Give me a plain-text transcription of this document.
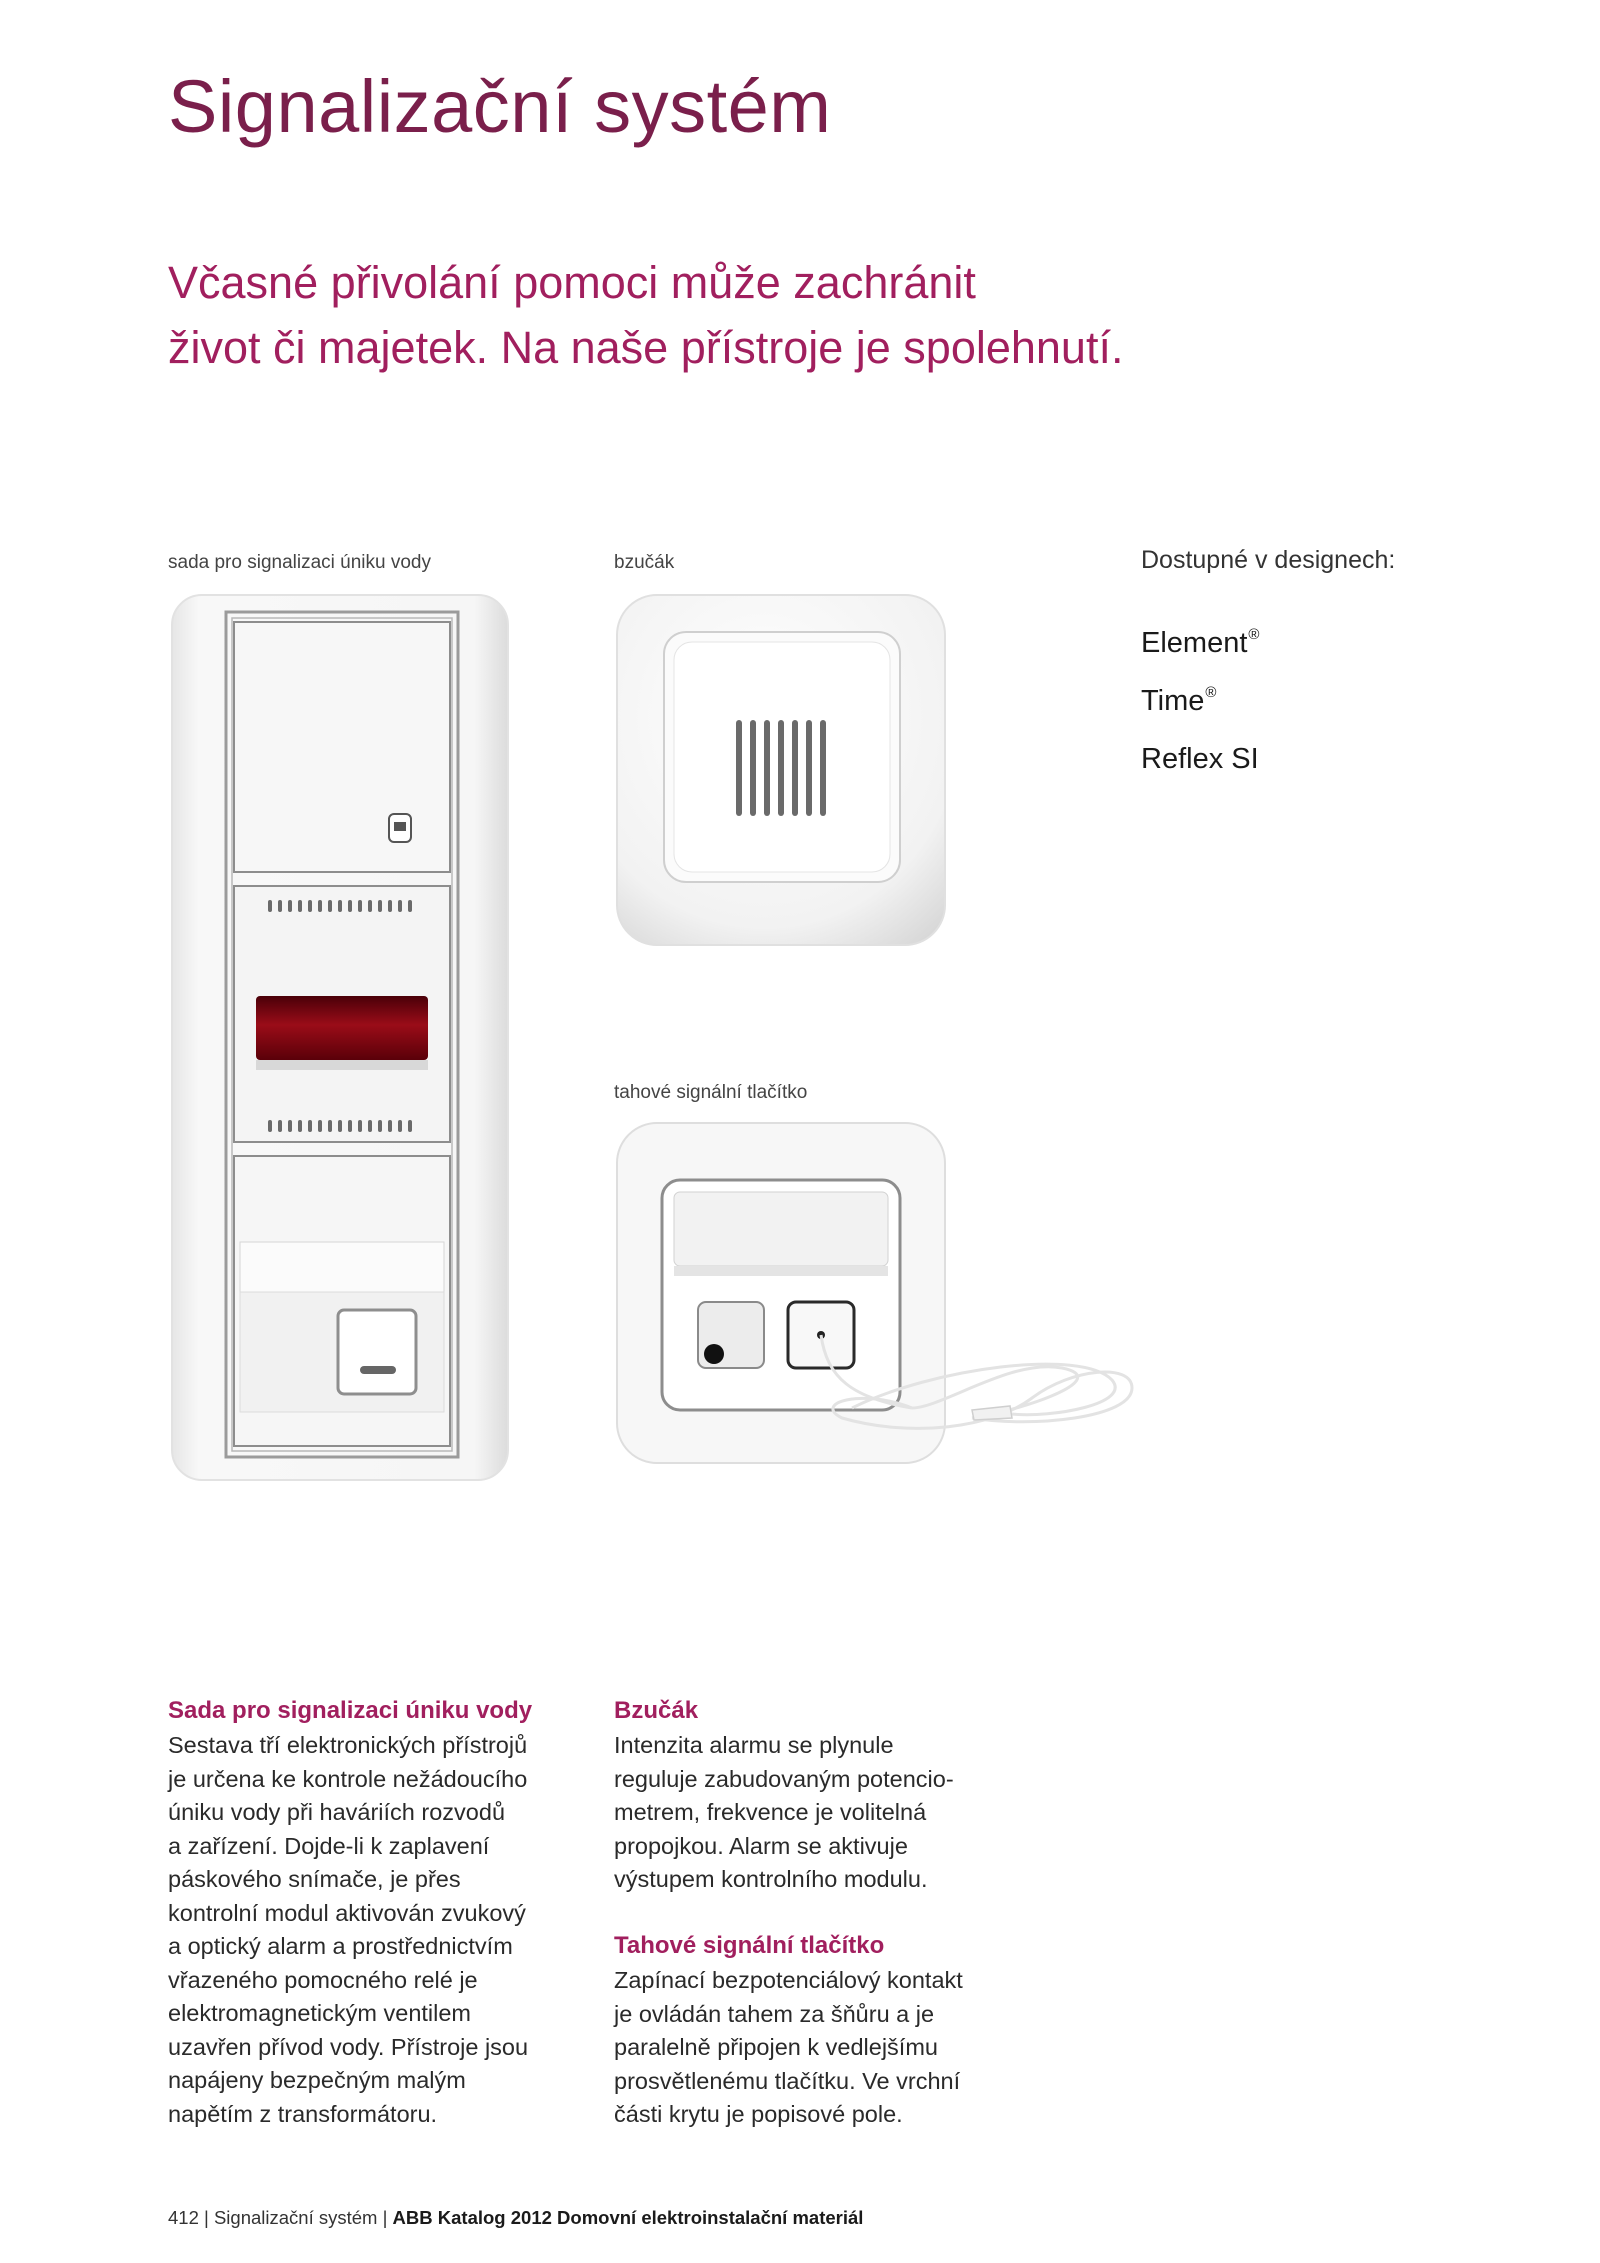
Signalizační systém
Včasné přivolání pomoci může zachránit
život či majetek. Na naše přístroje je spolehnutí.
sada pro signalizaci úniku vody	bzučák
tahové signální tlačítko
Dostupné v designech:
Element®
Time®
Reflex SI
Sada pro signalizaci úniku vody
Sestava tří elektronických přístrojů
je určena ke kontrole nežádoucího
úniku vody při haváriích rozvodů
a zařízení. Dojde-li k zaplavení
páskového snímače, je přes
kontrolní modul aktivován zvukový
a optický alarm a prostřednictvím
vřazeného pomocného relé je
elektromagnetickým ventilem
uzavřen přívod vody. Přístroje jsou
napájeny bezpečným malým
napětím z transformátoru.
Bzučák
Intenzita alarmu se plynule
reguluje zabudovaným potencio-
metrem, frekvence je volitelná
propojkou. Alarm se aktivuje
výstupem kontrolního modulu.
Tahové signální tlačítko
Zapínací bezpotenciálový kontakt
je ovládán tahem za šňůru a je
paralelně připojen k vedlejšímu
prosvětlenému tlačítku. Ve vrchní
části krytu je popisové pole.
412 | Signalizační systém | ABB Katalog 2012 Domovní elektroinstalační materiál
